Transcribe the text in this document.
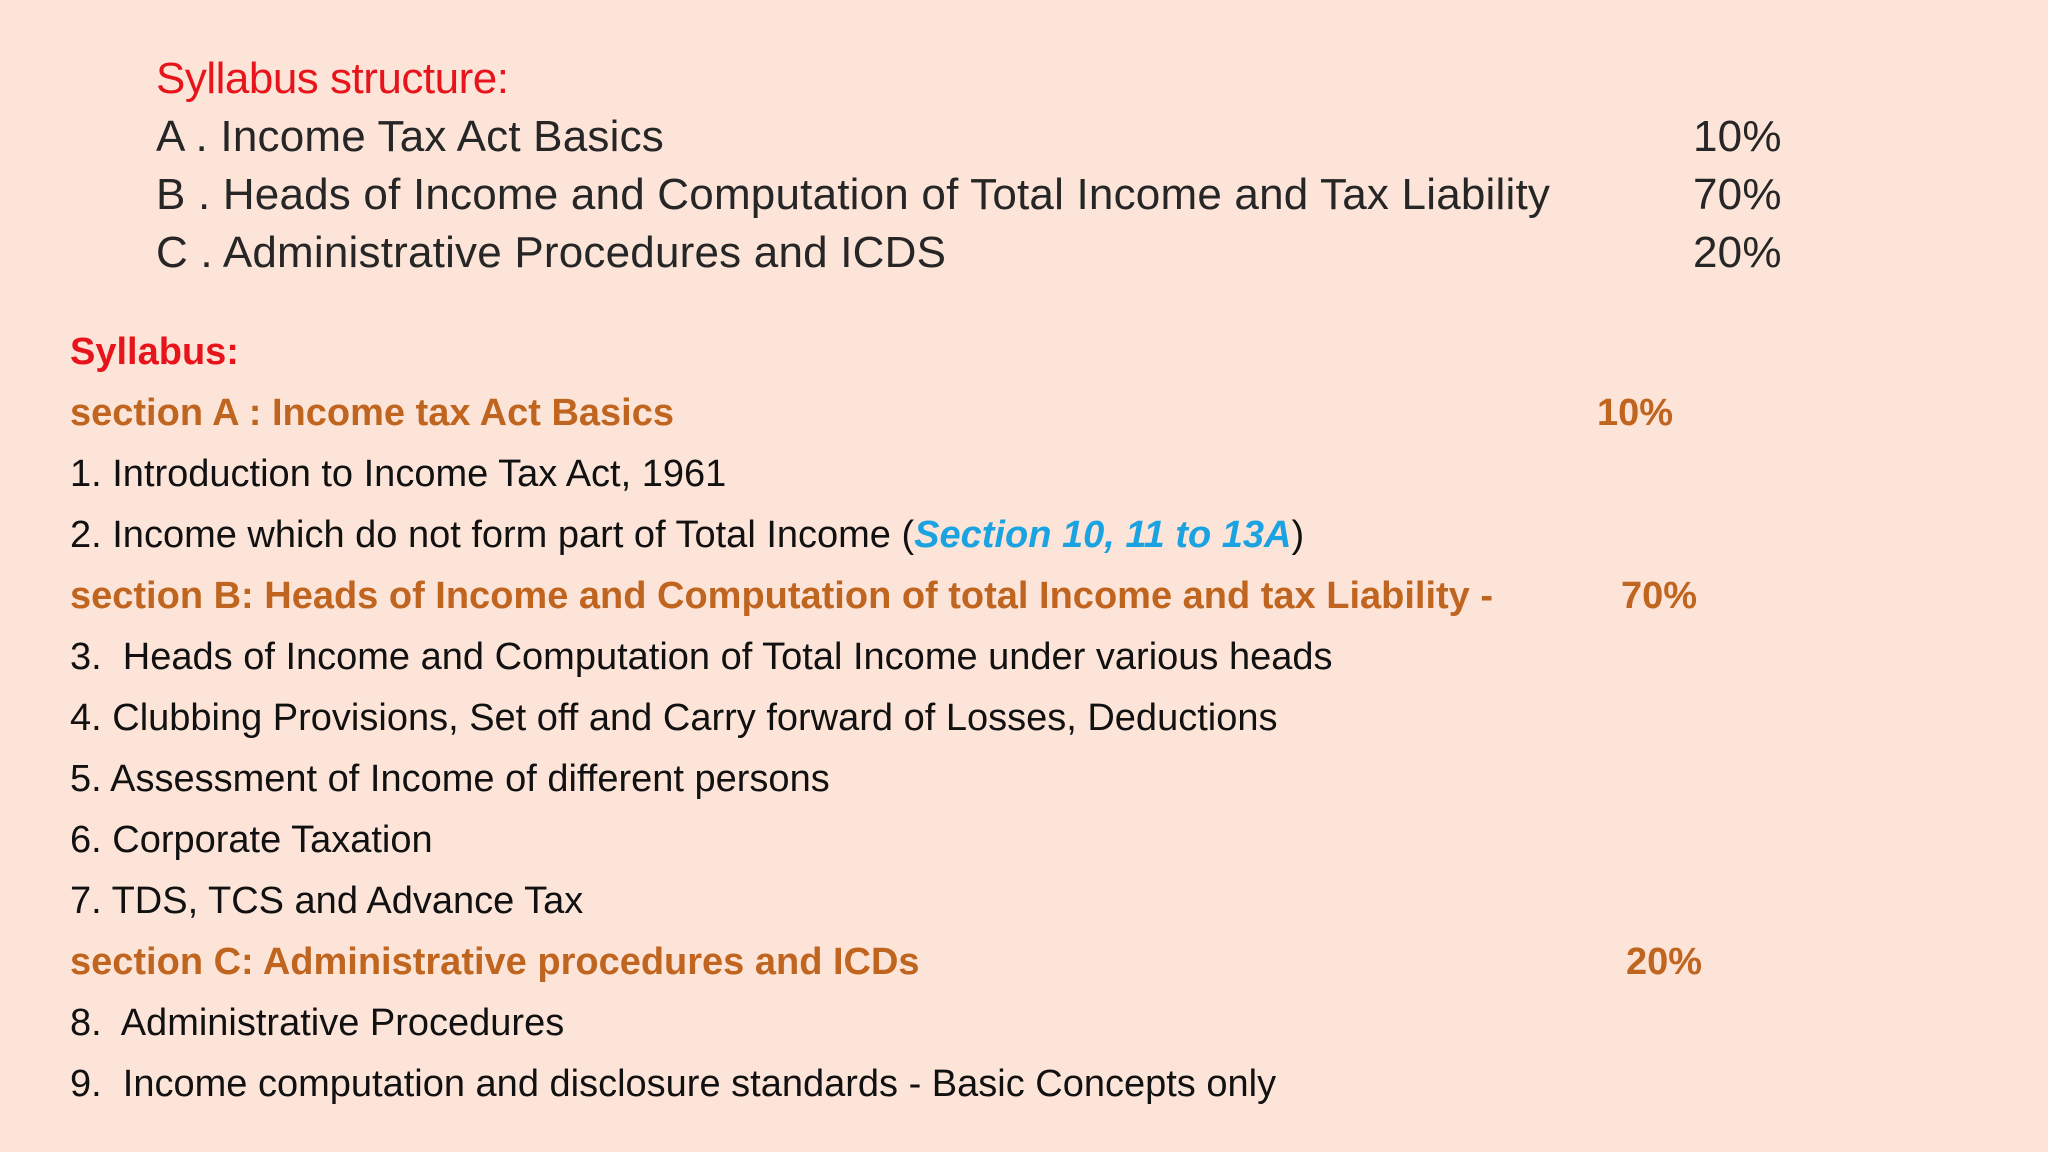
Syllabus structure:
A . Income Tax Act Basics	10%
B . Heads of Income and Computation of Total Income and Tax Liability	70%
C . Administrative Procedures and ICDS	20%
Syllabus:
section A : Income tax Act Basics	10%
1. Introduction to Income Tax Act, 1961
2. Income which do not form part of Total Income (Section 10, 11 to 13A)
section B: Heads of Income and Computation of total Income and tax Liability -	70%
3.  Heads of Income and Computation of Total Income under various heads
4. Clubbing Provisions, Set off and Carry forward of Losses, Deductions
5. Assessment of Income of different persons
6. Corporate Taxation
7. TDS, TCS and Advance Tax
section C: Administrative procedures and ICDs	20%
8.  Administrative Procedures
9.  Income computation and disclosure standards - Basic Concepts only
